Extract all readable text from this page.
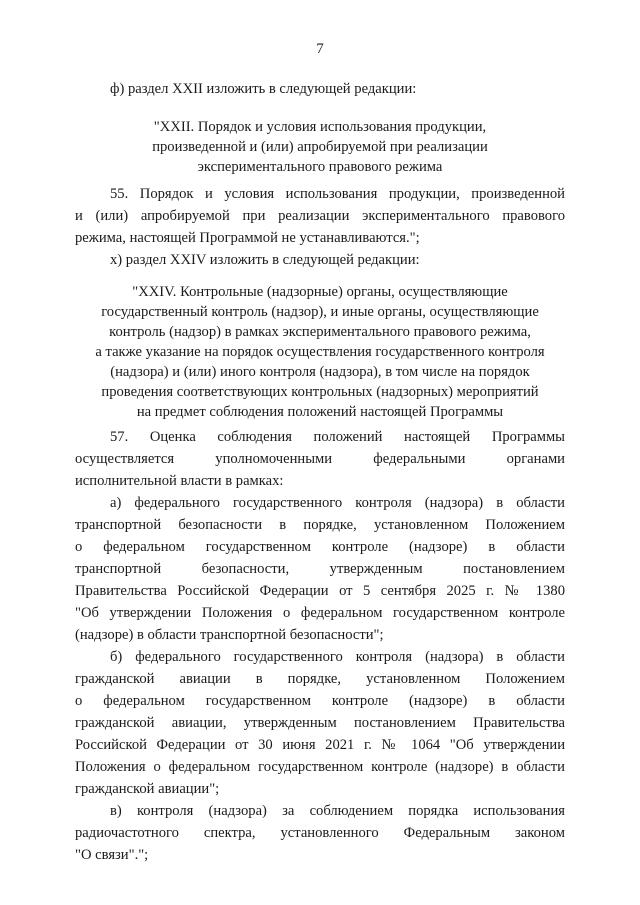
7
ф) раздел XXII изложить в следующей редакции:
"XXII. Порядок и условия использования продукции,
произведенной и (или) апробируемой при реализации
экспериментального правового режима
55. Порядок и условия использования продукции, произведенной
и (или) апробируемой при реализации экспериментального правового
режима, настоящей Программой не устанавливаются.";
х) раздел XXIV изложить в следующей редакции:
"XXIV. Контрольные (надзорные) органы, осуществляющие
государственный контроль (надзор), и иные органы, осуществляющие
контроль (надзор) в рамках экспериментального правового режима,
а также указание на порядок осуществления государственного контроля
(надзора) и (или) иного контроля (надзора), в том числе на порядок
проведения соответствующих контрольных (надзорных) мероприятий
на предмет соблюдения положений настоящей Программы
57. Оценка соблюдения положений настоящей Программы
осуществляется уполномоченными федеральными органами
исполнительной власти в рамках:
а) федерального государственного контроля (надзора) в области
транспортной безопасности в порядке, установленном Положением
о федеральном государственном контроле (надзоре) в области
транспортной безопасности, утвержденным постановлением
Правительства Российской Федерации от 5 сентября 2025 г. № 1380
"Об утверждении Положения о федеральном государственном контроле
(надзоре) в области транспортной безопасности";
б) федерального государственного контроля (надзора) в области
гражданской авиации в порядке, установленном Положением
о федеральном государственном контроле (надзоре) в области
гражданской авиации, утвержденным постановлением Правительства
Российской Федерации от 30 июня 2021 г. № 1064 "Об утверждении
Положения о федеральном государственном контроле (надзоре) в области
гражданской авиации";
в) контроля (надзора) за соблюдением порядка использования
радиочастотного спектра, установленного Федеральным законом
"О связи".";
